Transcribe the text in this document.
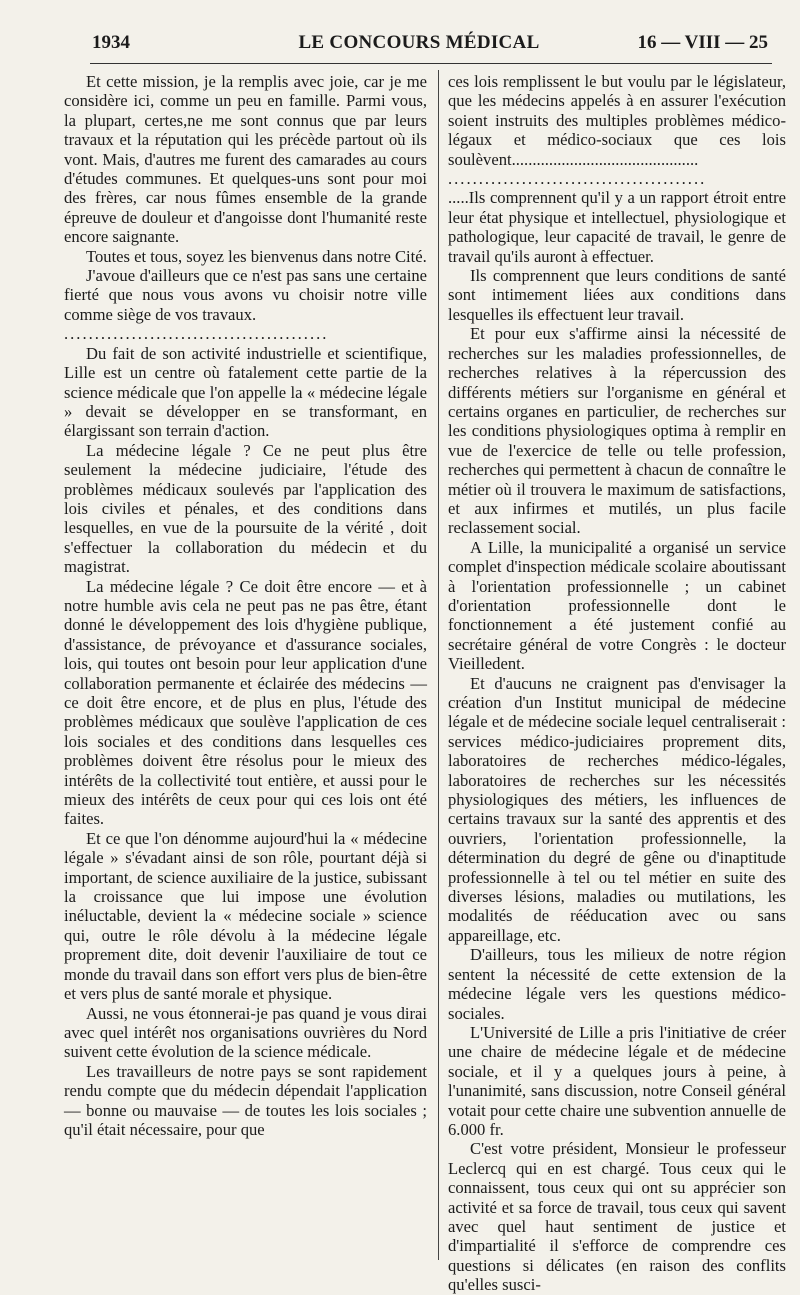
1934	LE CONCOURS MÉDICAL	16 — VIII — 25

Et cette mission, je la remplis avec joie, car je me considère ici, comme un peu en famille. Parmi vous, la plupart, certes,ne me sont connus que par leurs travaux et la réputation qui les précède partout où ils vont. Mais, d'autres me furent des camarades au cours d'études communes. Et quelques-uns sont pour moi des frères, car nous fûmes ensemble de la grande épreuve de douleur et d'angoisse dont l'humanité reste encore saignante.

Toutes et tous, soyez les bienvenus dans notre Cité.

J'avoue d'ailleurs que ce n'est pas sans une certaine fierté que nous vous avons vu choisir notre ville comme siège de vos travaux.

...........................................

Du fait de son activité industrielle et scientifique, Lille est un centre où fatalement cette partie de la science médicale que l'on appelle la « médecine légale » devait se développer en se transformant, en élargissant son terrain d'action.

La médecine légale ? Ce ne peut plus être seulement la médecine judiciaire, l'étude des problèmes médicaux soulevés par l'application des lois civiles et pénales, et des conditions dans lesquelles, en vue de la poursuite de la vérité , doit s'effectuer la collaboration du médecin et du magistrat.

La médecine légale ? Ce doit être encore — et à notre humble avis cela ne peut pas ne pas être, étant donné le développement des lois d'hygiène publique, d'assistance, de prévoyance et d'assurance sociales, lois, qui toutes ont besoin pour leur application d'une collaboration permanente et éclairée des médecins — ce doit être encore, et de plus en plus, l'étude des problèmes médicaux que soulève l'application de ces lois sociales et des conditions dans lesquelles ces problèmes doivent être résolus pour le mieux des intérêts de la collectivité tout entière, et aussi pour le mieux des intérêts de ceux pour qui ces lois ont été faites.

Et ce que l'on dénomme aujourd'hui la « médecine légale » s'évadant ainsi de son rôle, pourtant déjà si important, de science auxiliaire de la justice, subissant la croissance que lui impose une évolution inéluctable, devient la « médecine sociale » science qui, outre le rôle dévolu à la médecine légale proprement dite, doit devenir l'auxiliaire de tout ce monde du travail dans son effort vers plus de bien-être et vers plus de santé morale et physique.

Aussi, ne vous étonnerai-je pas quand je vous dirai avec quel intérêt nos organisations ouvrières du Nord suivent cette évolution de la science médicale.

Les travailleurs de notre pays se sont rapidement rendu compte que du médecin dépendait l'application — bonne ou mauvaise — de toutes les lois sociales ; qu'il était nécessaire, pour que

ces lois remplissent le but voulu par le législateur, que les médecins appelés à en assurer l'exécution soient instruits des multiples problèmes médico-légaux et médico-sociaux que ces lois soulèvent.............................................

..........................................

.....Ils comprennent qu'il y a un rapport étroit entre leur état physique et intellectuel, physiologique et pathologique, leur capacité de travail, le genre de travail qu'ils auront à effectuer.

Ils comprennent que leurs conditions de santé sont intimement liées aux conditions dans lesquelles ils effectuent leur travail.

Et pour eux s'affirme ainsi la nécessité de recherches sur les maladies professionnelles, de recherches relatives à la répercussion des différents métiers sur l'organisme en général et certains organes en particulier, de recherches sur les conditions physiologiques optima à remplir en vue de l'exercice de telle ou telle profession, recherches qui permettent à chacun de connaître le métier où il trouvera le maximum de satisfactions, et aux infirmes et mutilés, un plus facile reclassement social.

A Lille, la municipalité a organisé un service complet d'inspection médicale scolaire aboutissant à l'orientation professionnelle ; un cabinet d'orientation professionnelle dont le fonctionnement a été justement confié au secrétaire général de votre Congrès : le docteur Vieilledent.

Et d'aucuns ne craignent pas d'envisager la création d'un Institut municipal de médecine légale et de médecine sociale lequel centraliserait : services médico-judiciaires proprement dits, laboratoires de recherches médico-légales, laboratoires de recherches sur les nécessités physiologiques des métiers, les influences de certains travaux sur la santé des apprentis et des ouvriers, l'orientation professionnelle, la détermination du degré de gêne ou d'inaptitude professionnelle à tel ou tel métier en suite des diverses lésions, maladies ou mutilations, les modalités de rééducation avec ou sans appareillage, etc.

D'ailleurs, tous les milieux de notre région sentent la nécessité de cette extension de la médecine légale vers les questions médico-sociales.

L'Université de Lille a pris l'initiative de créer une chaire de médecine légale et de médecine sociale, et il y a quelques jours à peine, à l'unanimité, sans discussion, notre Conseil général votait pour cette chaire une subvention annuelle de 6.000 fr.

C'est votre président, Monsieur le professeur Leclercq qui en est chargé. Tous ceux qui le connaissent, tous ceux qui ont su apprécier son activité et sa force de travail, tous ceux qui savent avec quel haut sentiment de justice et d'impartialité il s'efforce de comprendre ces questions si délicates (en raison des conflits qu'elles susci-
